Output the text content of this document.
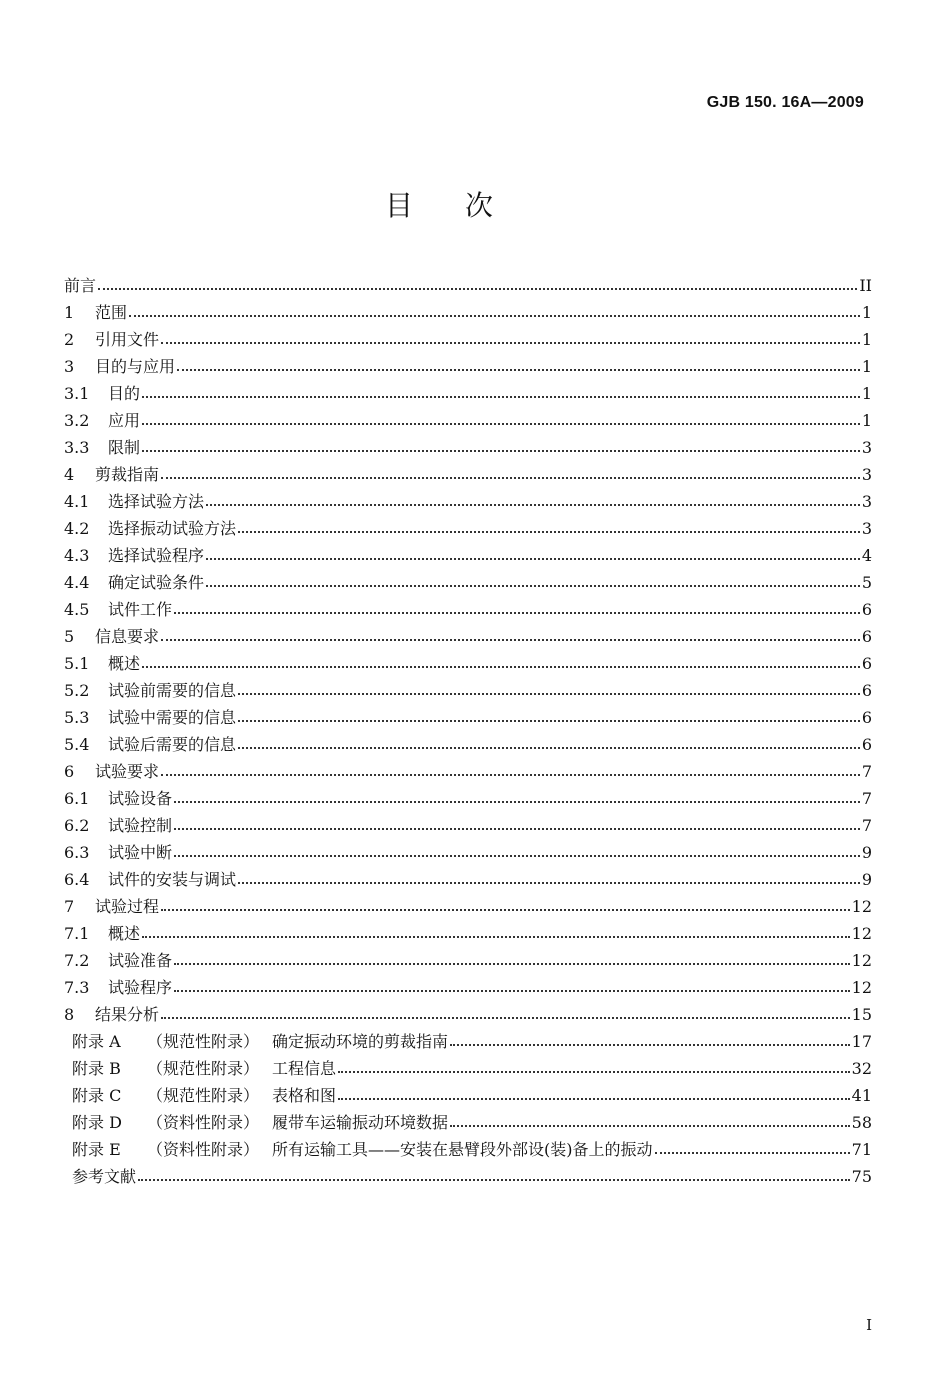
GJB 150. 16A—2009
目次
前言	II
1	范围	1
2	引用文件	1
3	目的与应用	1
3.1	目的	1
3.2	应用	1
3.3	限制	3
4	剪裁指南	3
4.1	选择试验方法	3
4.2	选择振动试验方法	3
4.3	选择试验程序	4
4.4	确定试验条件	5
4.5	试件工作	6
5	信息要求	6
5.1	概述	6
5.2	试验前需要的信息	6
5.3	试验中需要的信息	6
5.4	试验后需要的信息	6
6	试验要求	7
6.1	试验设备	7
6.2	试验控制	7
6.3	试验中断	9
6.4	试件的安装与调试	9
7	试验过程	12
7.1	概述	12
7.2	试验准备	12
7.3	试验程序	12
8	结果分析	15
附录 A	（规范性附录） 确定振动环境的剪裁指南	17
附录 B	（规范性附录） 工程信息	32
附录 C	（规范性附录） 表格和图	41
附录 D	（资料性附录） 履带车运输振动环境数据	58
附录 E	（资料性附录） 所有运输工具——安装在悬臂段外部设(装)备上的振动	71
参考文献	75
I
